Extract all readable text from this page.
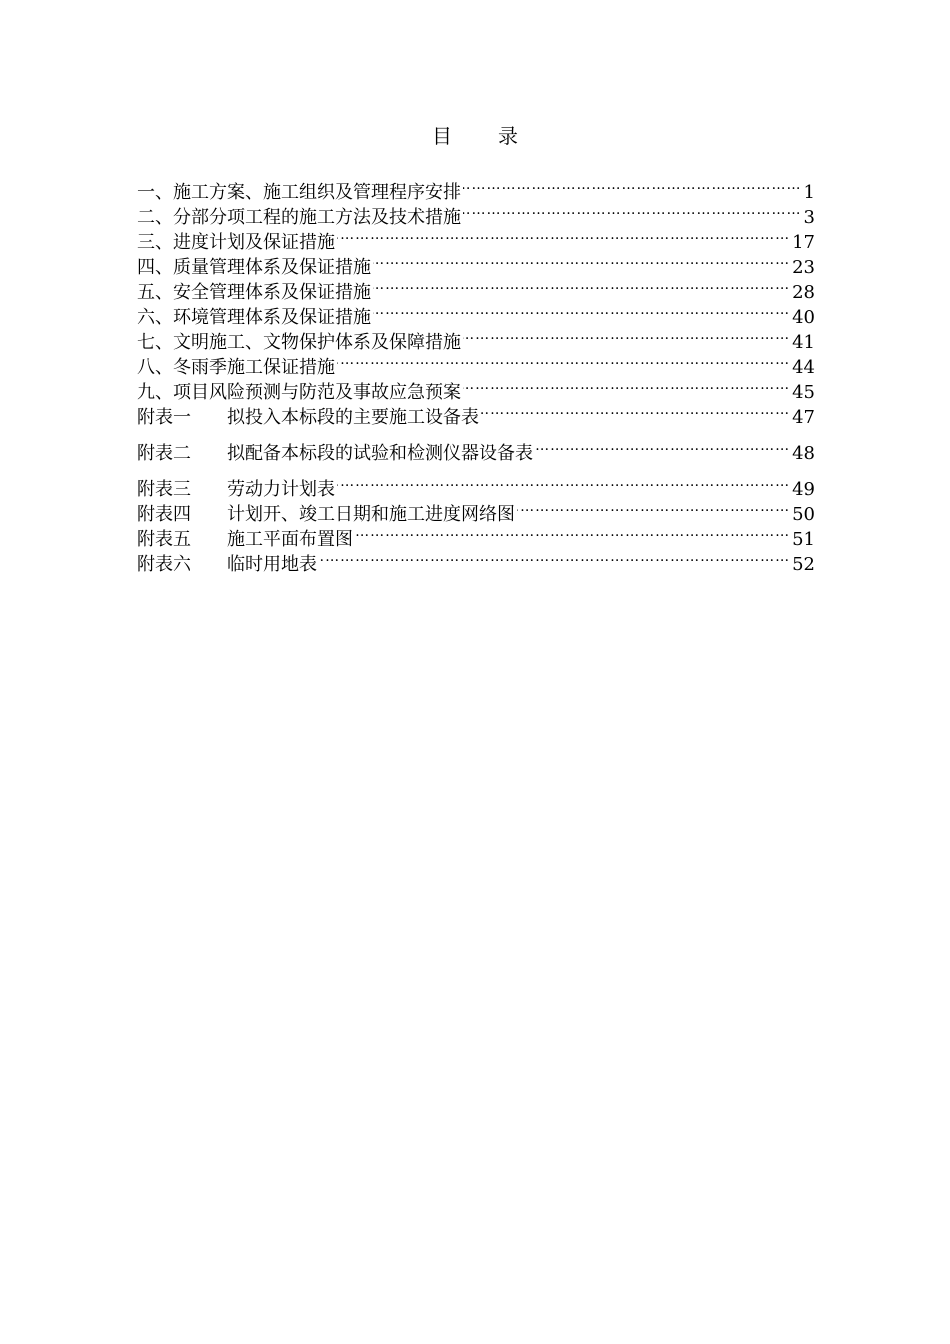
目 录
一、 施工方案、施工组织及管理程序安排 …………………………………………………………………………………………………………………………………………………………………………………………	1
二、 分部分项工程的施工方法及技术措施 …………………………………………………………………………………………………………………………………………………………………………………………	3
三、 进度计划及保证措施 …………………………………………………………………………………………………………………………………………………………………………………………	17
四、 质量管理体系及保证措施 …………………………………………………………………………………………………………………………………………………………………………………………	23
五、 安全管理体系及保证措施 …………………………………………………………………………………………………………………………………………………………………………………………	28
六、 环境管理体系及保证措施 …………………………………………………………………………………………………………………………………………………………………………………………	40
七、 文明施工、文物保护体系及保障措施 …………………………………………………………………………………………………………………………………………………………………………………………	41
八、 冬雨季施工保证措施 …………………………………………………………………………………………………………………………………………………………………………………………	44
九、 项目风险预测与防范及事故应急预案 …………………………………………………………………………………………………………………………………………………………………………………………	45
附表一	拟投入本标段的主要施工设备表 …………………………………………………………………………………………………………………………………………………………………………………………	47
附表二	拟配备本标段的试验和检测仪器设备表 …………………………………………………………………………………………………………………………………………………………………………………………	48
附表三	劳动力计划表 …………………………………………………………………………………………………………………………………………………………………………………………	49
附表四	计划开、竣工日期和施工进度网络图 …………………………………………………………………………………………………………………………………………………………………………………………	50
附表五	施工平面布置图 …………………………………………………………………………………………………………………………………………………………………………………………	51
附表六	临时用地表 …………………………………………………………………………………………………………………………………………………………………………………………	52
